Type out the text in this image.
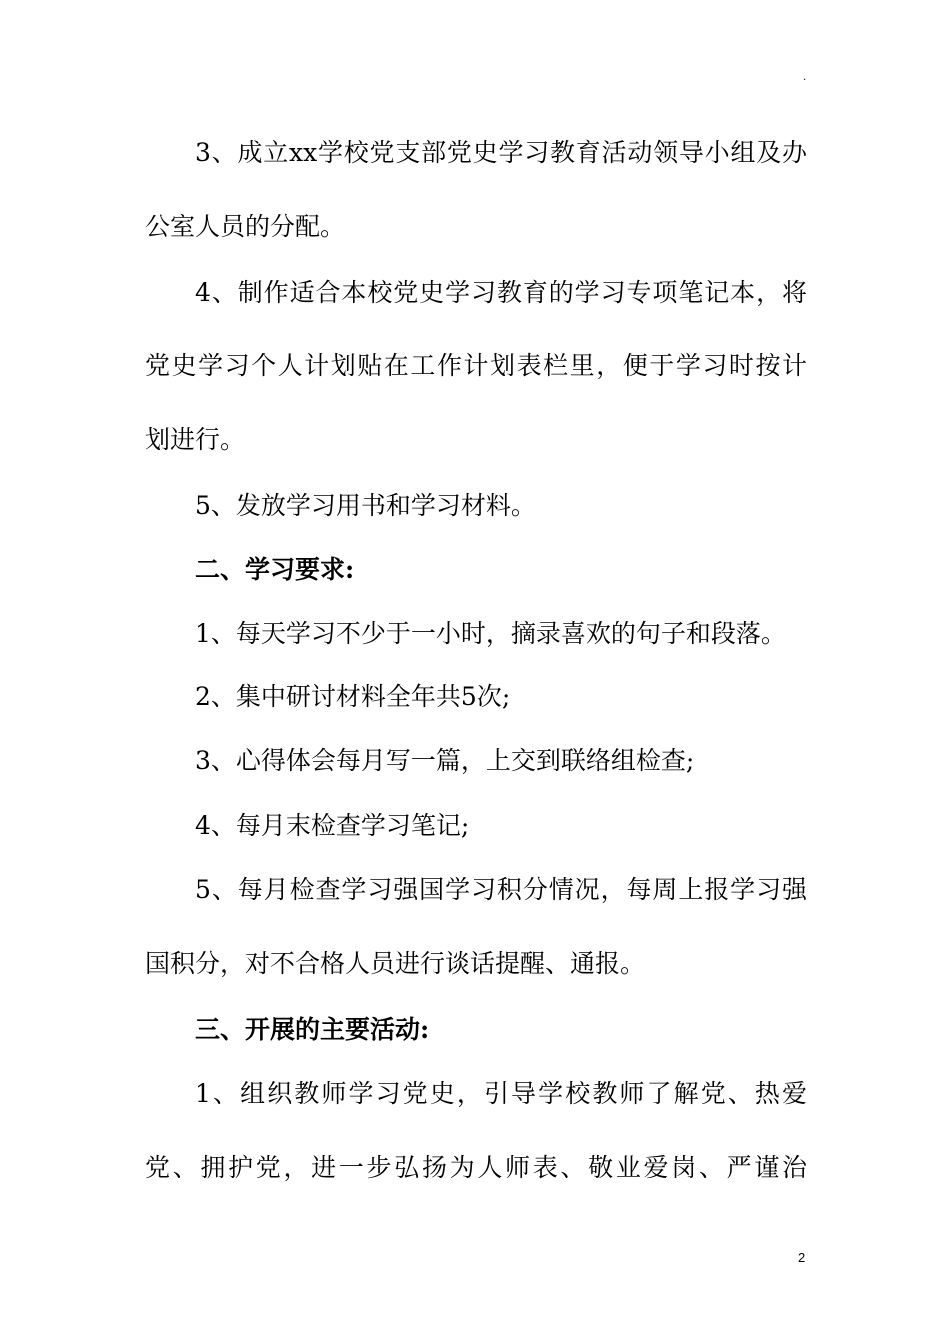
.
3、成立xx学校党支部党史学习教育活动领导小组及办
公室人员的分配。
4、制作适合本校党史学习教育的学习专项笔记本，将
党史学习个人计划贴在工作计划表栏里，便于学习时按计
划进行。
5、发放学习用书和学习材料。
二、学习要求:
1、每天学习不少于一小时，摘录喜欢的句子和段落。
2、集中研讨材料全年共5次;
3、心得体会每月写一篇，上交到联络组检查;
4、每月末检查学习笔记;
5、每月检查学习强国学习积分情况，每周上报学习强
国积分，对不合格人员进行谈话提醒、通报。
三、开展的主要活动:
1、组织教师学习党史，引导学校教师了解党、热爱
党、拥护党，进一步弘扬为人师表、敬业爱岗、严谨治
2
